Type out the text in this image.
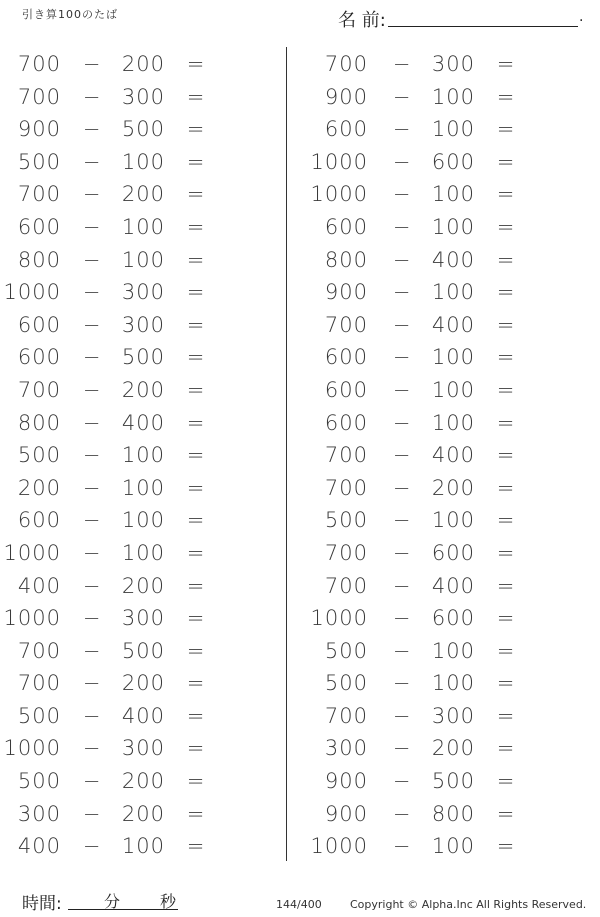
引き算100のたば	名 前:	.
700 − 200 =
700 − 300 =
900 − 500 =
500 − 100 =
700 − 200 =
600 − 100 =
800 − 100 =
1000 − 300 =
600 − 300 =
600 − 500 =
700 − 200 =
800 − 400 =
500 − 100 =
200 − 100 =
600 − 100 =
1000 − 100 =
400 − 200 =
1000 − 300 =
700 − 500 =
700 − 200 =
500 − 400 =
1000 − 300 =
500 − 200 =
300 − 200 =
400 − 100 =
700 − 300 =
900 − 100 =
600 − 100 =
1000 − 600 =
1000 − 100 =
600 − 100 =
800 − 400 =
900 − 100 =
700 − 400 =
600 − 100 =
600 − 100 =
600 − 100 =
700 − 400 =
700 − 200 =
500 − 100 =
700 − 600 =
700 − 400 =
1000 − 600 =
500 − 100 =
500 − 100 =
700 − 300 =
300 − 200 =
900 − 500 =
900 − 800 =
1000 − 100 =
時間:	分 秒	144/400	Copyright © Alpha.Inc All Rights Reserved.
